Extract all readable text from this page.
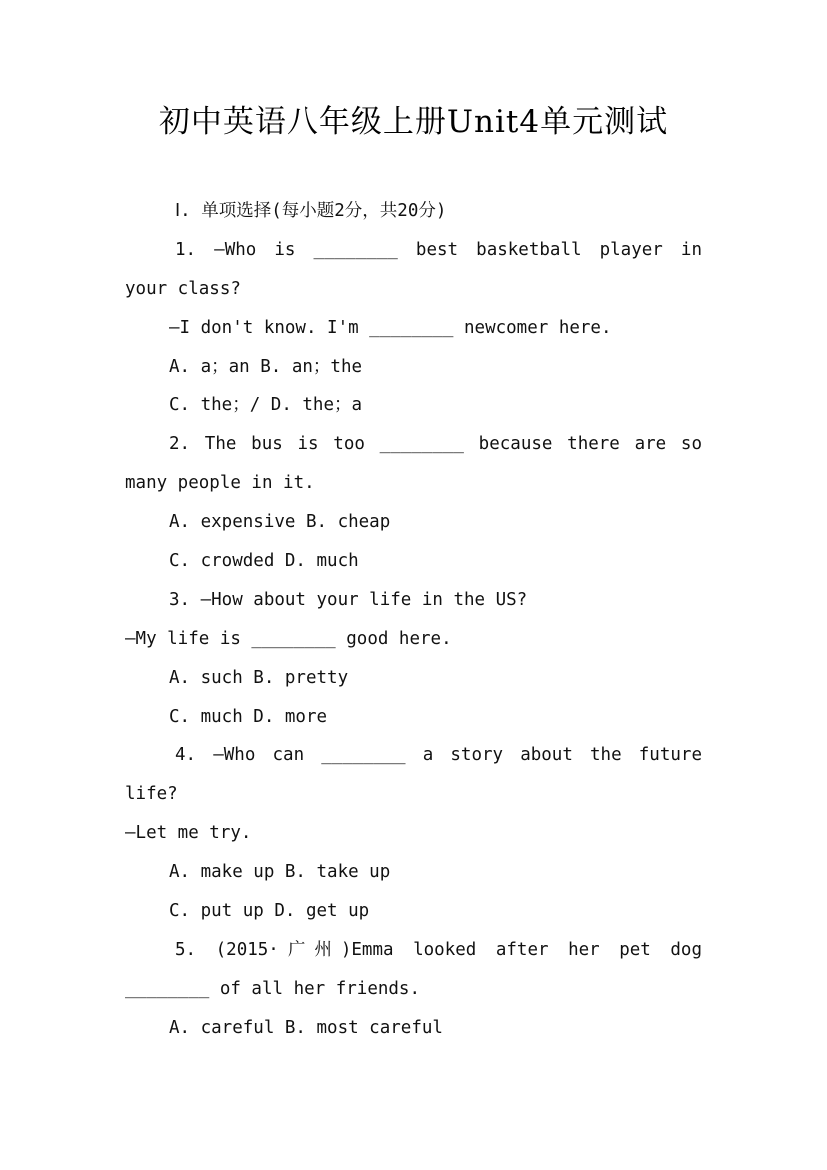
初中英语八年级上册Unit4单元测试
Ⅰ. 单项选择(每小题2分，共20分)
1. —Who is ________ best basketball player in
your class?
—I don't know. I'm ________ newcomer here.
A. a；an B. an；the
C. the；/ D. the；a
2. The bus is too ________ because there are so
many people in it.
A. expensive B. cheap
C. crowded D. much
3. —How about your life in the US?
—My life is ________ good here.
A. such B. pretty
C. much D. more
4. —Who can ________ a story about the future
life?
—Let me try.
A. make up B. take up
C. put up D. get up
5. (2015·广州)Emma looked after her pet dog
________ of all her friends.
A. careful B. most careful
